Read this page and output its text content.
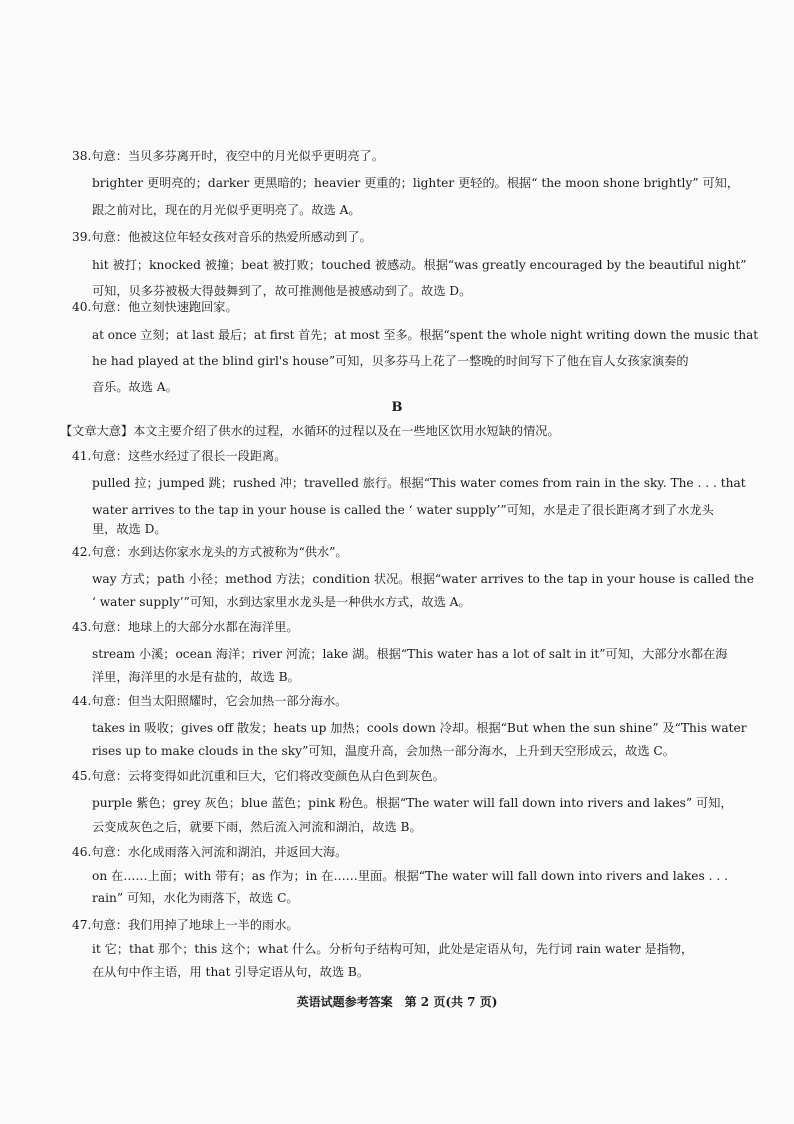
38.句意：当贝多芬离开时，夜空中的月光似乎更明亮了。
brighter 更明亮的；darker 更黑暗的；heavier 更重的；lighter 更轻的。根据“ the moon shone brightly” 可知，
跟之前对比，现在的月光似乎更明亮了。故选 A。
39.句意：他被这位年轻女孩对音乐的热爱所感动到了。
hit 被打；knocked 被撞；beat 被打败；touched 被感动。根据“was greatly encouraged by the beautiful night”
可知，贝多芬被极大得鼓舞到了，故可推测他是被感动到了。故选 D。
40.句意：他立刻快速跑回家。
at once 立刻；at last 最后；at first 首先；at most 至多。根据“spent the whole night writing down the music that
he had played at the blind girl's house”可知，贝多芬马上花了一整晚的时间写下了他在盲人女孩家演奏的
音乐。故选 A。
B
【文章大意】本文主要介绍了供水的过程，水循环的过程以及在一些地区饮用水短缺的情况。
41.句意：这些水经过了很长一段距离。
pulled 拉；jumped 跳；rushed 冲；travelled 旅行。根据“This water comes from rain in the sky. The . . . that
water arrives to the tap in your house is called the ‘ water supply’”可知，水是走了很长距离才到了水龙头
里，故选 D。
42.句意：水到达你家水龙头的方式被称为“供水”。
way 方式；path 小径；method 方法；condition 状况。根据“water arrives to the tap in your house is called the
‘ water supply’”可知，水到达家里水龙头是一种供水方式，故选 A。
43.句意：地球上的大部分水都在海洋里。
stream 小溪；ocean 海洋；river 河流；lake 湖。根据“This water has a lot of salt in it”可知，大部分水都在海
洋里，海洋里的水是有盐的，故选 B。
44.句意：但当太阳照耀时，它会加热一部分海水。
takes in 吸收；gives off 散发；heats up 加热；cools down 冷却。根据“But when the sun shine” 及“This water
rises up to make clouds in the sky”可知，温度升高，会加热一部分海水，上升到天空形成云，故选 C。
45.句意：云将变得如此沉重和巨大，它们将改变颜色从白色到灰色。
purple 紫色；grey 灰色；blue 蓝色；pink 粉色。根据“The water will fall down into rivers and lakes” 可知，
云变成灰色之后，就要下雨，然后流入河流和湖泊，故选 B。
46.句意：水化成雨落入河流和湖泊，并返回大海。
on 在……上面；with 带有；as 作为；in 在……里面。根据“The water will fall down into rivers and lakes . . .
rain” 可知，水化为雨落下，故选 C。
47.句意：我们用掉了地球上一半的雨水。
it 它；that 那个；this 这个；what 什么。分析句子结构可知，此处是定语从句，先行词 rain water 是指物，
在从句中作主语，用 that 引导定语从句，故选 B。
英语试题参考答案　第 2 页(共 7 页)
